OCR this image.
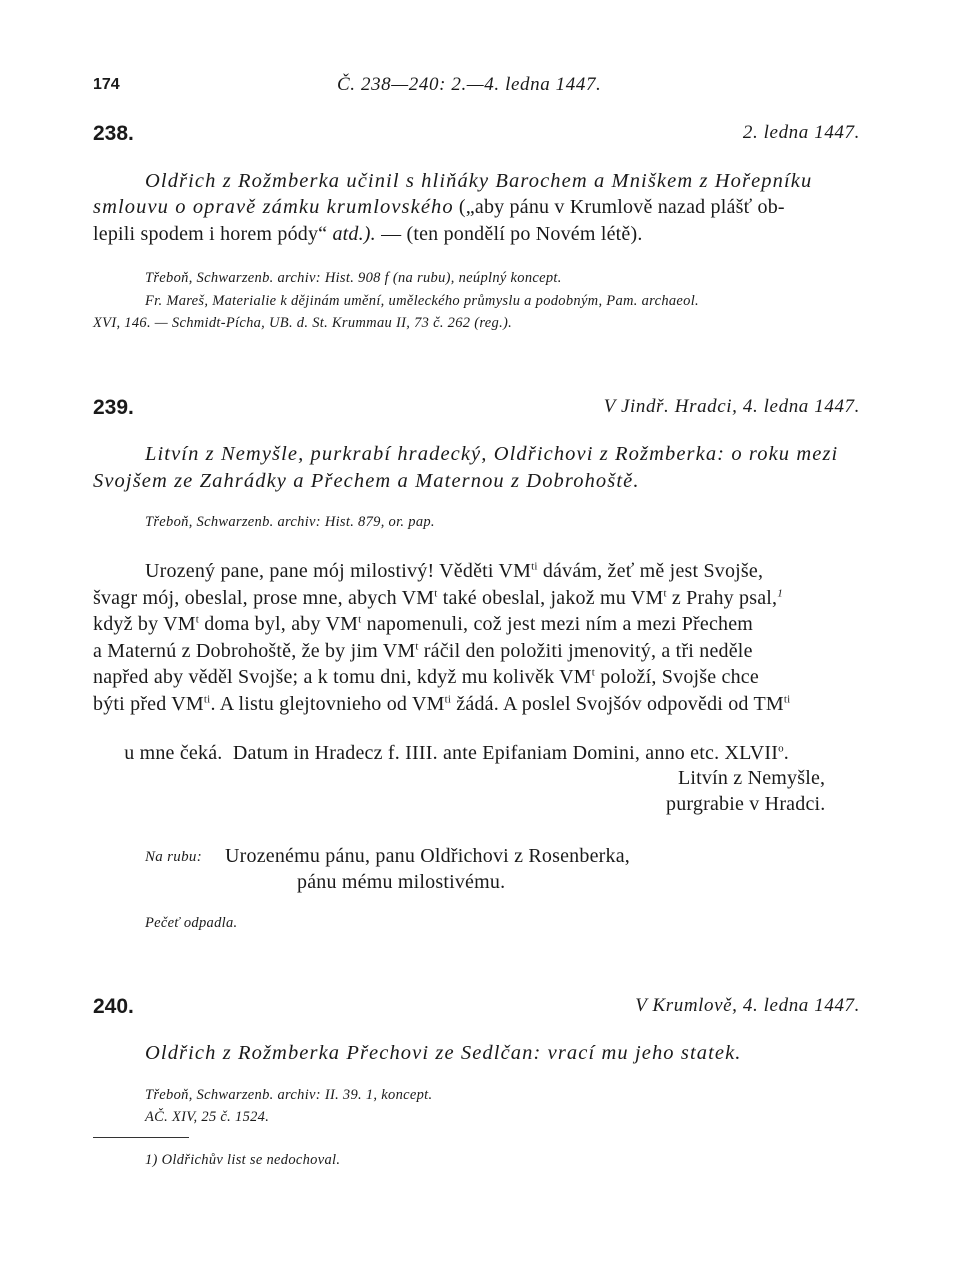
174	Č. 238—240: 2.—4. ledna 1447.
238.	2. ledna 1447.
Oldřich z Rožmberka učinil s hliňáky Barochem a Mniškem z Hořepníku
smlouvu o opravě zámku krumlovského („aby pánu v Krumlově nazad plášť ob-
lepili spodem i horem pódy“ atd.). — (ten pondělí po Novém létě).
Třeboň, Schwarzenb. archiv: Hist. 908 f (na rubu), neúplný koncept.
Fr. Mareš, Materialie k dějinám umění, uměleckého průmyslu a podobným, Pam. archaeol.
XVI, 146. — Schmidt-Pícha, UB. d. St. Krummau II, 73 č. 262 (reg.).
239.	V Jindř. Hradci, 4. ledna 1447.
Litvín z Nemyšle, purkrabí hradecký, Oldřichovi z Rožmberka: o roku mezi
Svojšem ze Zahrádky a Přechem a Maternou z Dobrohoště.
Třeboň, Schwarzenb. archiv: Hist. 879, or. pap.
Urozený pane, pane mój milostivý! Věděti $VM^{ti}$ dávám, žeť mě jest Svojše,
švagr mój, obeslal, prose mne, abych $VM^t$ také obeslal, jakož mu $VM^t$ z Prahy psal,$^1$
když by $VM^t$ doma byl, aby $VM^t$ napomenuli, což jest mezi ním a mezi Přechem
a Maternú z Dobrohoště, že by jim $VM^t$ ráčil den položiti jmenovitý, a tři neděle
napřed aby věděl Svojše; a k tomu dni, když mu kolivěk $VM^t$ položí, Svojše chce
býti před $VM^{ti}$. A listu glejtovnieho od $VM^{ti}$ žádá. A poslel Svojšóv odpovědi od $TM^{ti}$

u mne čeká.  Datum in Hradecz f. IIII. ante Epifaniam Domini, anno etc. XLVII$^o$.

Litvín z Nemyšle,
purgrabie v Hradci.
Na rubu: Urozenému pánu, panu Oldřichovi z Rosenberka,
pánu mému milostivému.
Pečeť odpadla.
240.	V Krumlově, 4. ledna 1447.
Oldřich z Rožmberka Přechovi ze Sedlčan: vrací mu jeho statek.
Třeboň, Schwarzenb. archiv: II. 39. 1, koncept.
AČ. XIV, 25 č. 1524.
1) Oldřichův list se nedochoval.
